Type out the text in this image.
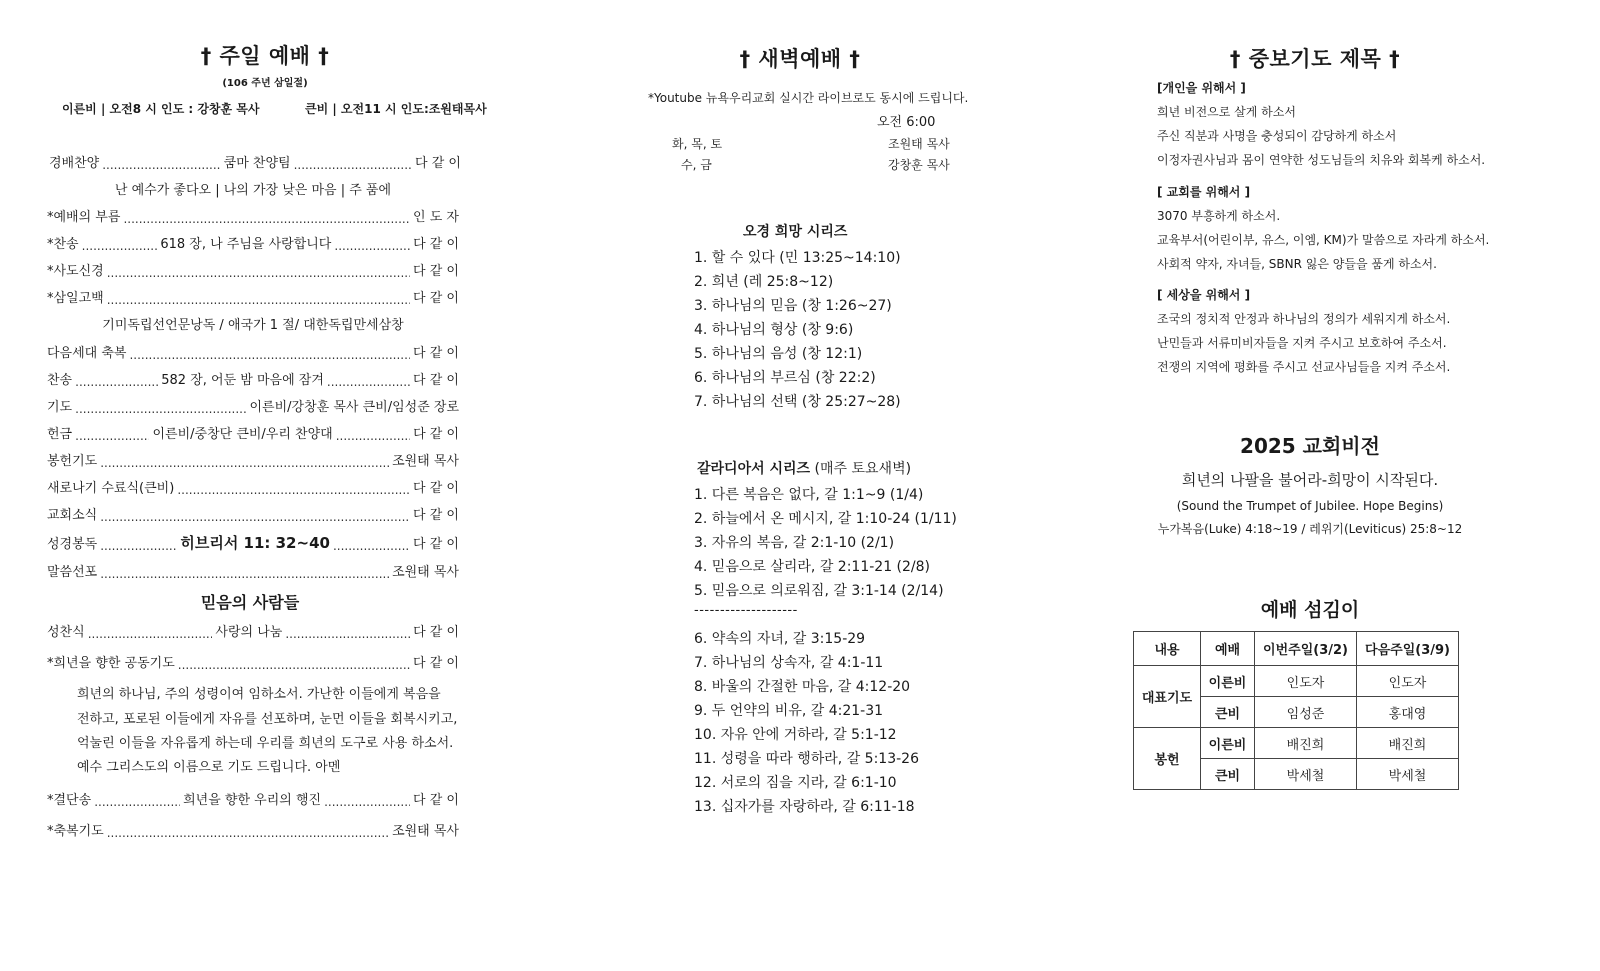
† 주일 예배 †
(106 주년 삼일절)
이른비 | 오전8 시 인도 : 강창훈 목사	큰비 | 오전11 시 인도:조원태목사
경배찬양 .....	쿰마 찬양팀 .....	다 같 이
난 예수가 좋다오 | 나의 가장 낮은 마음 | 주 품에
*예배의 부름 .....	인 도 자
*찬송 .....	618 장, 나 주님을 사랑합니다 .....	다 같 이
*사도신경 .....	다 같 이
*삼일고백 .....	다 같 이
기미독립선언문낭독 / 애국가 1 절/ 대한독립만세삼창
다음세대 축복 .....	다 같 이
찬송 .....	582 장, 어둔 밤 마음에 잠겨 .....	다 같 이
기도 .....	이른비/강창훈 목사 큰비/임성준 장로
헌금 .....	이른비/중창단 큰비/우리 찬양대 .....	다 같 이
봉헌기도 .....	조원태 목사
새로나기 수료식(큰비) .....	다 같 이
교회소식 .....	다 같 이
성경봉독 .....	히브리서 11: 32~40 .....	다 같 이
말씀선포 .....	조원태 목사
믿음의 사람들
성찬식 .....	사랑의 나눔 .....	다 같 이
*희년을 향한 공동기도 .....	다 같 이
희년의 하나님, 주의 성령이여 임하소서. 가난한 이들에게 복음을
전하고, 포로된 이들에게 자유를 선포하며, 눈먼 이들을 회복시키고,
억눌린 이들을 자유롭게 하는데 우리를 희년의 도구로 사용 하소서.
예수 그리스도의 이름으로 기도 드립니다. 아멘
*결단송 .....	희년을 향한 우리의 행진 .....	다 같 이
*축복기도 .....	조원태 목사
† 새벽예배 †
*Youtube 뉴욕우리교회 실시간 라이브로도 동시에 드립니다.
오전 6:00
화, 목, 토	조원태 목사
수, 금	강창훈 목사
오경 희망 시리즈
1. 할 수 있다 (민 13:25~14:10)
2. 희년 (레 25:8~12)
3. 하나님의 믿음 (창 1:26~27)
4. 하나님의 형상 (창 9:6)
5. 하나님의 음성 (창 12:1)
6. 하나님의 부르심 (창 22:2)
7. 하나님의 선택 (창 25:27~28)
갈라디아서 시리즈 (매주 토요새벽)
1. 다른 복음은 없다, 갈 1:1~9 (1/4)
2. 하늘에서 온 메시지, 갈 1:10-24 (1/11)
3. 자유의 복음, 갈 2:1-10 (2/1)
4. 믿음으로 살리라, 갈 2:11-21 (2/8)
5. 믿음으로 의로워짐, 갈 3:1-14 (2/14)
--------------------
6. 약속의 자녀, 갈 3:15-29
7. 하나님의 상속자, 갈 4:1-11
8. 바울의 간절한 마음, 갈 4:12-20
9. 두 언약의 비유, 갈 4:21-31
10. 자유 안에 거하라, 갈 5:1-12
11. 성령을 따라 행하라, 갈 5:13-26
12. 서로의 짐을 지라, 갈 6:1-10
13. 십자가를 자랑하라, 갈 6:11-18
† 중보기도 제목 †
[개인을 위해서 ]
희년 비전으로 살게 하소서
주신 직분과 사명을 충성되이 감당하게 하소서
이정자권사님과 몸이 연약한 성도님들의 치유와 회복케 하소서.
[ 교회를 위해서 ]
3070 부흥하게 하소서.
교육부서(어린이부, 유스, 이엠, KM)가 말씀으로 자라게 하소서.
사회적 약자, 자녀들, SBNR 잃은 양들을 품게 하소서.
[ 세상을 위해서 ]
조국의 정치적 안정과 하나님의 정의가 세워지게 하소서.
난민들과 서류미비자들을 지켜 주시고 보호하여 주소서.
전쟁의 지역에 평화를 주시고 선교사님들을 지켜 주소서.
2025 교회비전
희년의 나팔을 불어라-희망이 시작된다.
(Sound the Trumpet of Jubilee. Hope Begins)
누가복음(Luke) 4:18~19 / 레위기(Leviticus) 25:8~12
예배 섬김이
내용	예배	이번주일(3/2)	다음주일(3/9)
대표기도	이른비	인도자	인도자
	큰비	임성준	홍대영
봉헌	이른비	배진희	배진희
	큰비	박세철	박세철
